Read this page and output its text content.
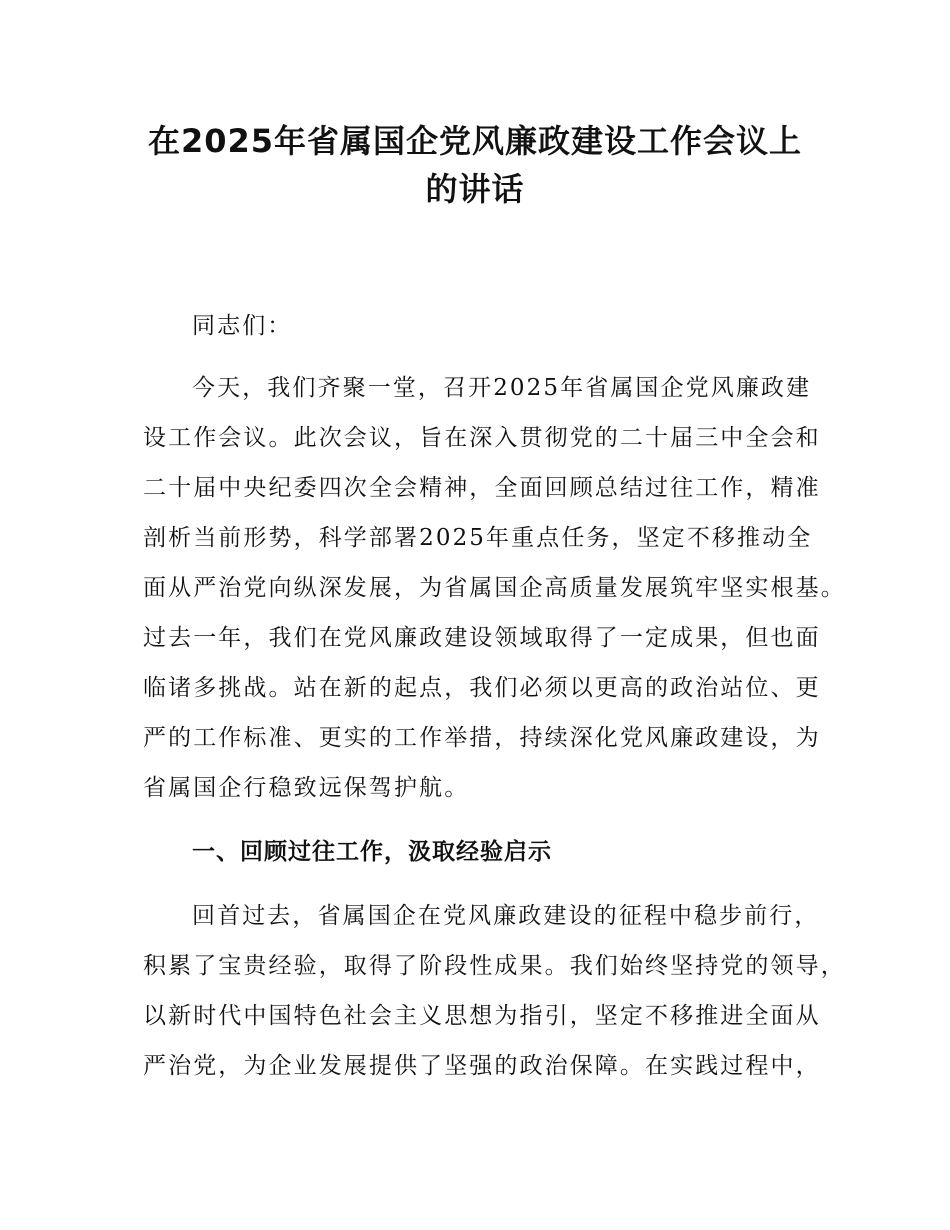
在2025年省属国企党风廉政建设工作会议上
的讲话
同志们：
今天，我们齐聚一堂，召开2025年省属国企党风廉政建
设工作会议。此次会议，旨在深入贯彻党的二十届三中全会和
二十届中央纪委四次全会精神，全面回顾总结过往工作，精准
剖析当前形势，科学部署2025年重点任务，坚定不移推动全
面从严治党向纵深发展，为省属国企高质量发展筑牢坚实根基。
过去一年，我们在党风廉政建设领域取得了一定成果，但也面
临诸多挑战。站在新的起点，我们必须以更高的政治站位、更
严的工作标准、更实的工作举措，持续深化党风廉政建设，为
省属国企行稳致远保驾护航。
一、回顾过往工作，汲取经验启示
回首过去，省属国企在党风廉政建设的征程中稳步前行，
积累了宝贵经验，取得了阶段性成果。我们始终坚持党的领导，
以新时代中国特色社会主义思想为指引，坚定不移推进全面从
严治党，为企业发展提供了坚强的政治保障。在实践过程中，
